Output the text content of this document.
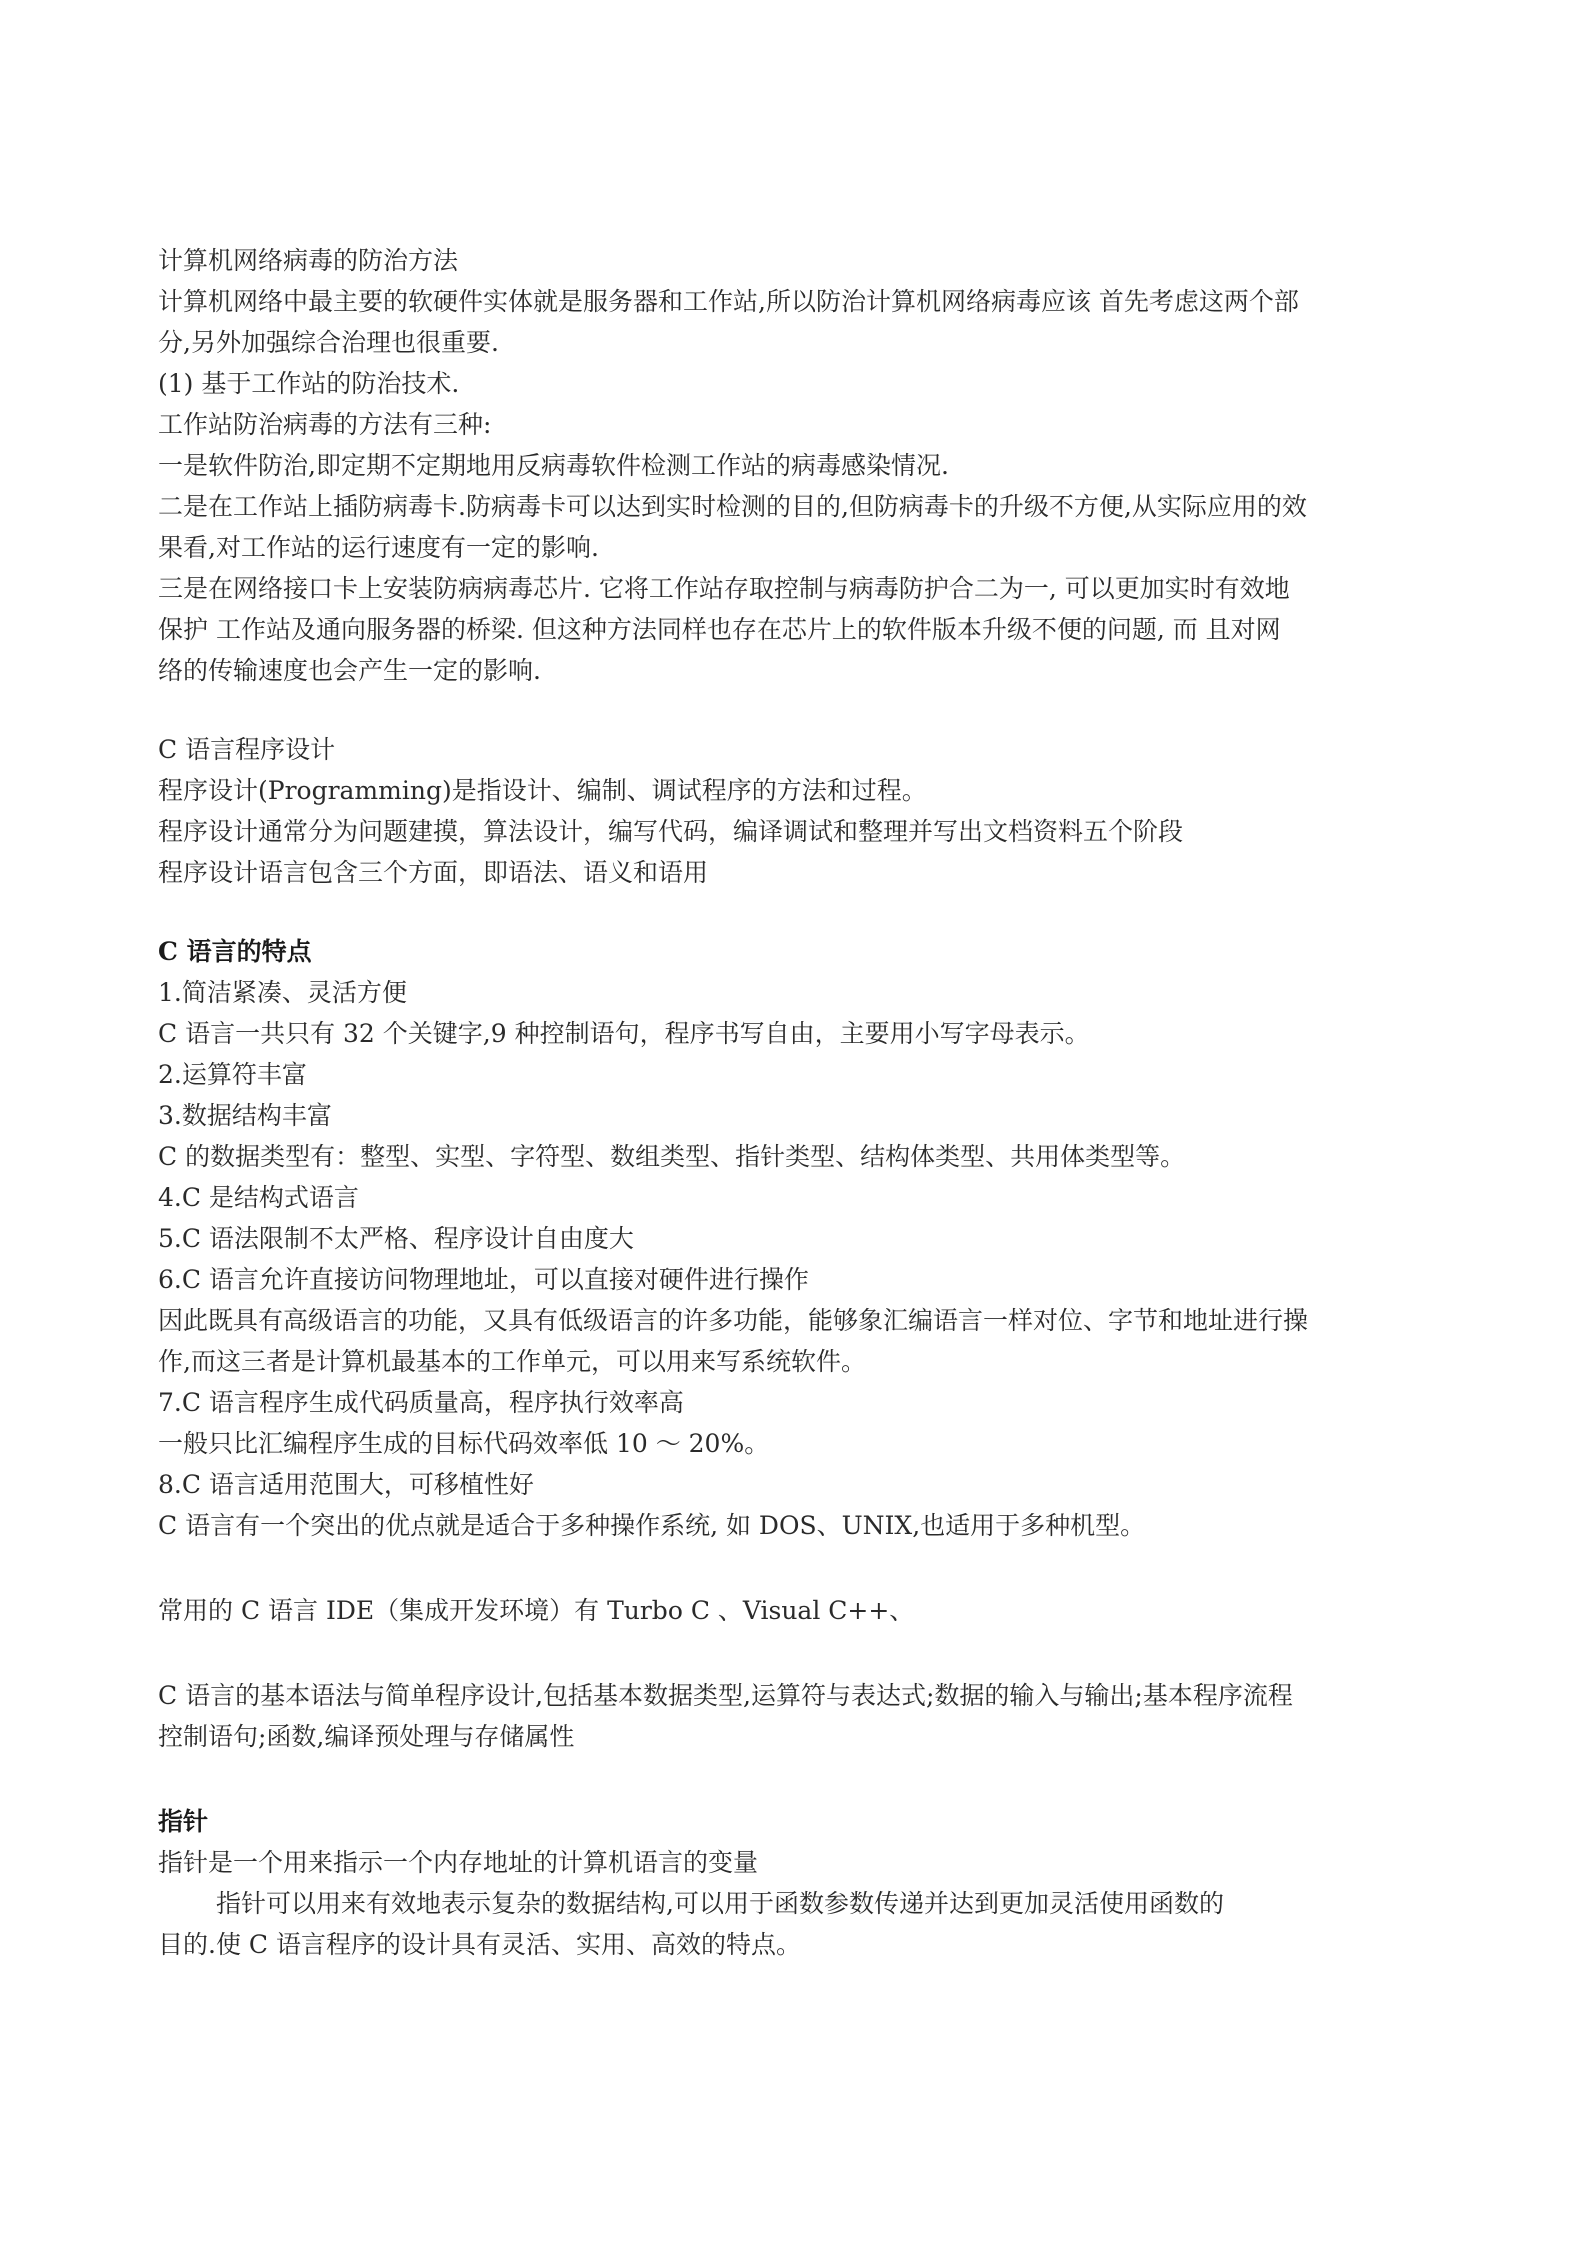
计算机网络病毒的防治方法
计算机网络中最主要的软硬件实体就是服务器和工作站,所以防治计算机网络病毒应该 首先考虑这两个部
分,另外加强综合治理也很重要.
(1) 基于工作站的防治技术.
工作站防治病毒的方法有三种:
一是软件防治,即定期不定期地用反病毒软件检测工作站的病毒感染情况.
二是在工作站上插防病毒卡.防病毒卡可以达到实时检测的目的,但防病毒卡的升级不方便,从实际应用的效
果看,对工作站的运行速度有一定的影响.
三是在网络接口卡上安装防病病毒芯片. 它将工作站存取控制与病毒防护合二为一, 可以更加实时有效地
保护 工作站及通向服务器的桥梁. 但这种方法同样也存在芯片上的软件版本升级不便的问题, 而 且对网
络的传输速度也会产生一定的影响.
C 语言程序设计
程序设计(Programming)是指设计、编制、调试程序的方法和过程。
程序设计通常分为问题建摸，算法设计，编写代码，编译调试和整理并写出文档资料五个阶段
程序设计语言包含三个方面，即语法、语义和语用
C 语言的特点
1.简洁紧凑、灵活方便
C 语言一共只有 32 个关键字,9 种控制语句，程序书写自由，主要用小写字母表示。
2.运算符丰富
3.数据结构丰富
C 的数据类型有：整型、实型、字符型、数组类型、指针类型、结构体类型、共用体类型等。
4.C 是结构式语言
5.C 语法限制不太严格、程序设计自由度大
6.C 语言允许直接访问物理地址，可以直接对硬件进行操作
因此既具有高级语言的功能，又具有低级语言的许多功能，能够象汇编语言一样对位、字节和地址进行操
作,而这三者是计算机最基本的工作单元，可以用来写系统软件。
7.C 语言程序生成代码质量高，程序执行效率高
一般只比汇编程序生成的目标代码效率低 10 ～ 20%。
8.C 语言适用范围大，可移植性好
C 语言有一个突出的优点就是适合于多种操作系统, 如 DOS、UNIX,也适用于多种机型。
常用的 C 语言 IDE（集成开发环境）有 Turbo C 、Visual C++、
C 语言的基本语法与简单程序设计,包括基本数据类型,运算符与表达式;数据的输入与输出;基本程序流程
控制语句;函数,编译预处理与存储属性
指针
指针是一个用来指示一个内存地址的计算机语言的变量
指针可以用来有效地表示复杂的数据结构,可以用于函数参数传递并达到更加灵活使用函数的
目的.使 C 语言程序的设计具有灵活、实用、高效的特点。
